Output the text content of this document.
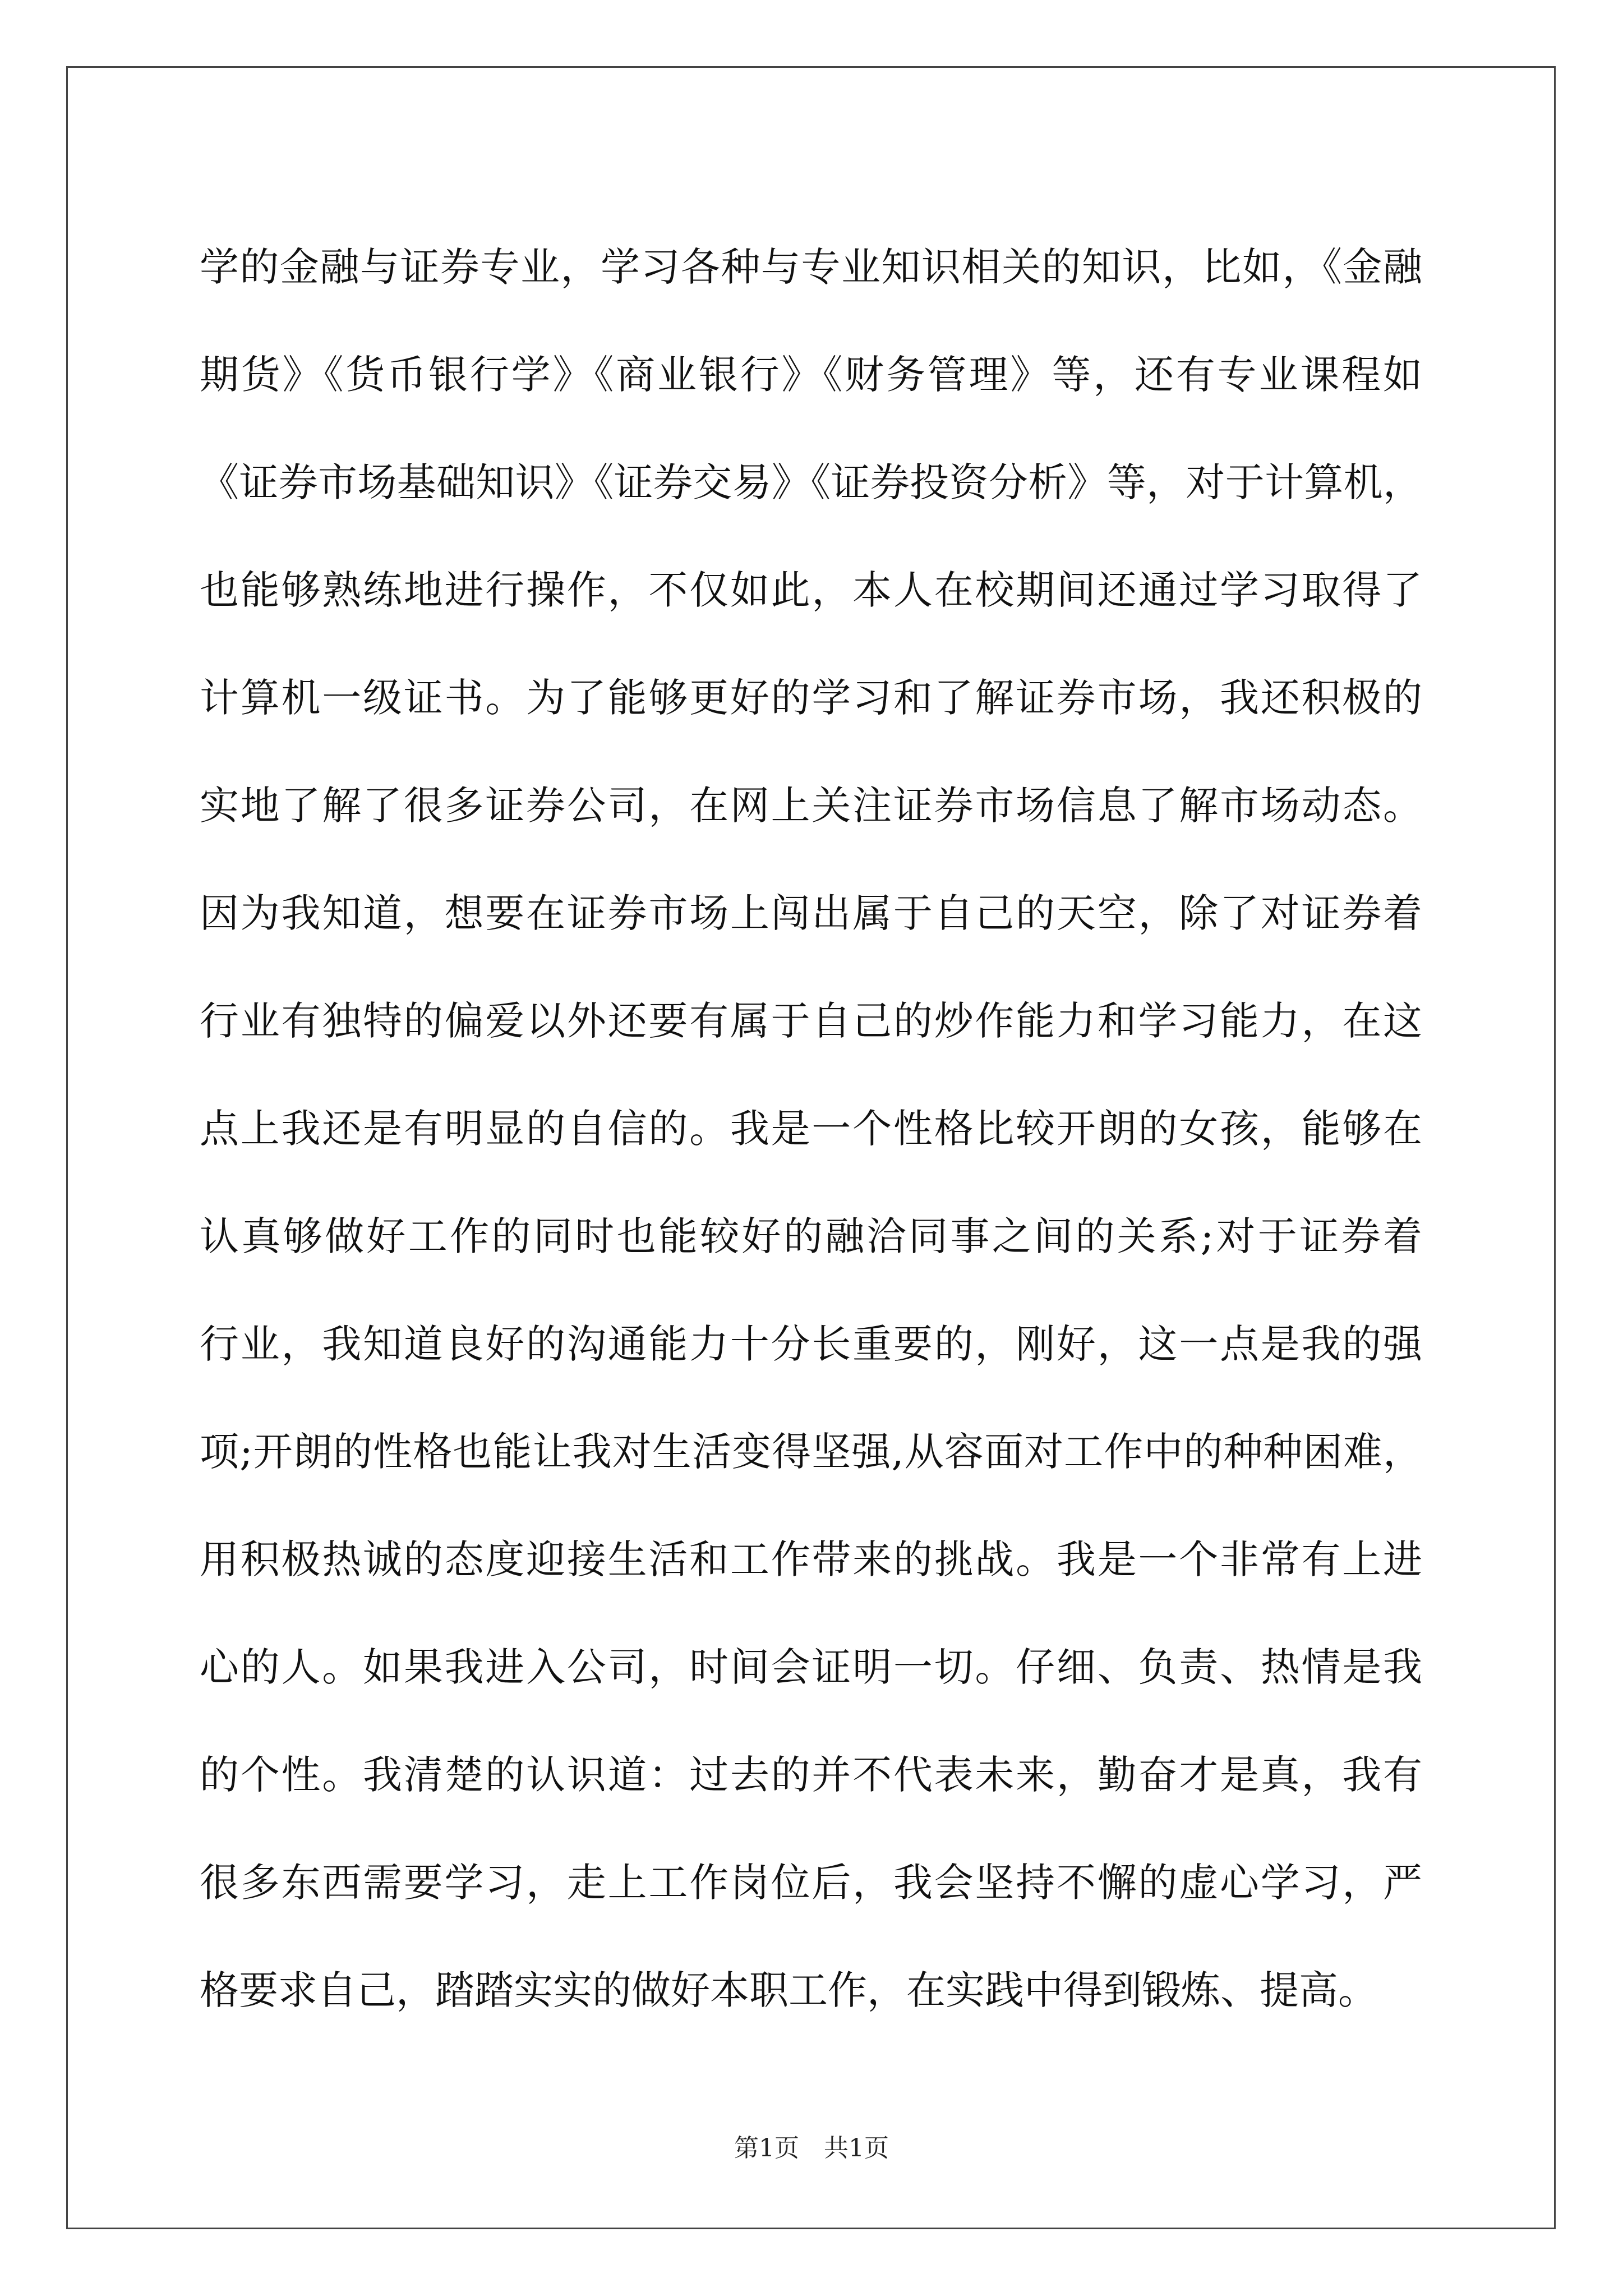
学的金融与证券专业，学习各种与专业知识相关的知识，比如，《金融
期货》《货币银行学》《商业银行》《财务管理》等，还有专业课程如
《证券市场基础知识》《证券交易》《证券投资分析》等，对于计算机，
也能够熟练地进行操作，不仅如此，本人在校期间还通过学习取得了
计算机一级证书。为了能够更好的学习和了解证券市场，我还积极的
实地了解了很多证券公司，在网上关注证券市场信息了解市场动态。
因为我知道，想要在证券市场上闯出属于自己的天空，除了对证券着
行业有独特的偏爱以外还要有属于自己的炒作能力和学习能力，在这
点上我还是有明显的自信的。我是一个性格比较开朗的女孩，能够在
认真够做好工作的同时也能较好的融洽同事之间的关系;对于证券着
行业，我知道良好的沟通能力十分长重要的，刚好，这一点是我的强
项;开朗的性格也能让我对生活变得坚强,从容面对工作中的种种困难，
用积极热诚的态度迎接生活和工作带来的挑战。我是一个非常有上进
心的人。如果我进入公司，时间会证明一切。仔细、负责、热情是我
的个性。我清楚的认识道：过去的并不代表未来，勤奋才是真，我有
很多东西需要学习，走上工作岗位后，我会坚持不懈的虚心学习，严
格要求自己，踏踏实实的做好本职工作，在实践中得到锻炼、提高。
第1页　共1页
